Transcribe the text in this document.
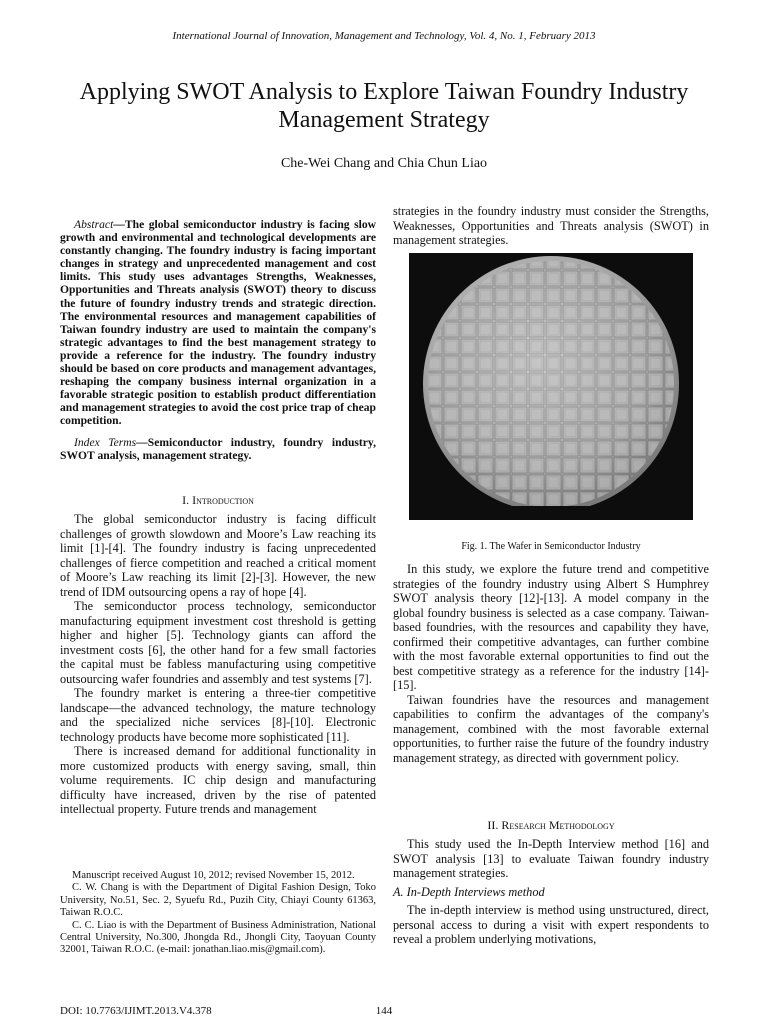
International Journal of Innovation, Management and Technology, Vol. 4, No. 1, February 2013
Applying SWOT Analysis to Explore Taiwan Foundry Industry Management Strategy
Che-Wei Chang and Chia Chun Liao

Abstract—The global semiconductor industry is facing slow growth and environmental and technological developments are constantly changing. The foundry industry is facing important changes in strategy and unprecedented management and cost limits. This study uses advantages Strengths, Weaknesses, Opportunities and Threats analysis (SWOT) theory to discuss the future of foundry industry trends and strategic direction. The environmental resources and management capabilities of Taiwan foundry industry are used to maintain the company's strategic advantages to find the best management strategy to provide a reference for the industry. The foundry industry should be based on core products and management advantages, reshaping the company business internal organization in a favorable strategic position to establish product differentiation and management strategies to avoid the cost price trap of cheap competition.

Index Terms—Semiconductor industry, foundry industry, SWOT analysis, management strategy.

I. Introduction

The global semiconductor industry is facing difficult challenges of growth slowdown and Moore’s Law reaching its limit [1]-[4]. The foundry industry is facing unprecedented challenges of fierce competition and reached a critical moment of Moore’s Law reaching its limit [2]-[3]. However, the new trend of IDM outsourcing opens a ray of hope [4].

The semiconductor process technology, semiconductor manufacturing equipment investment cost threshold is getting higher and higher [5]. Technology giants can afford the investment costs [6], the other hand for a few small factories the capital must be fabless manufacturing using competitive outsourcing wafer foundries and assembly and test systems [7].

The foundry market is entering a three-tier competitive landscape—the advanced technology, the mature technology and the specialized niche services [8]-[10]. Electronic technology products have become more sophisticated [11].

There is increased demand for additional functionality in more customized products with energy saving, small, thin volume requirements. IC chip design and manufacturing difficulty have increased, driven by the rise of patented intellectual property. Future trends and management

Manuscript received August 10, 2012; revised November 15, 2012.

C. W. Chang is with the Department of Digital Fashion Design, Toko University, No.51, Sec. 2, Syuefu Rd., Puzih City, Chiayi County 61363, Taiwan R.O.C.

C. C. Liao is with the Department of Business Administration, National Central University, No.300, Jhongda Rd., Jhongli City, Taoyuan County 32001, Taiwan R.O.C. (e-mail: jonathan.liao.mis@gmail.com).

strategies in the foundry industry must consider the Strengths, Weaknesses, Opportunities and Threats analysis (SWOT) in management strategies.

Fig. 1. The Wafer in Semiconductor Industry

In this study, we explore the future trend and competitive strategies of the foundry industry using Albert S Humphrey SWOT analysis theory [12]-[13]. A model company in the global foundry business is selected as a case company. Taiwan-based foundries, with the resources and capability they have, confirmed their competitive advantages, can further combine with the most favorable external opportunities to find out the best competitive strategy as a reference for the industry [14]-[15].

Taiwan foundries have the resources and management capabilities to confirm the advantages of the company's management, combined with the most favorable external opportunities, to further raise the future of the foundry industry management strategy, as directed with government policy.

II. Research Methodology

This study used the In-Depth Interview method [16] and SWOT analysis [13] to evaluate Taiwan foundry industry management strategies.

A. In-Depth Interviews method

The in-depth interview is method using unstructured, direct, personal access to during a visit with expert respondents to reveal a problem underlying motivations,

DOI: 10.7763/IJIMT.2013.V4.378	144
